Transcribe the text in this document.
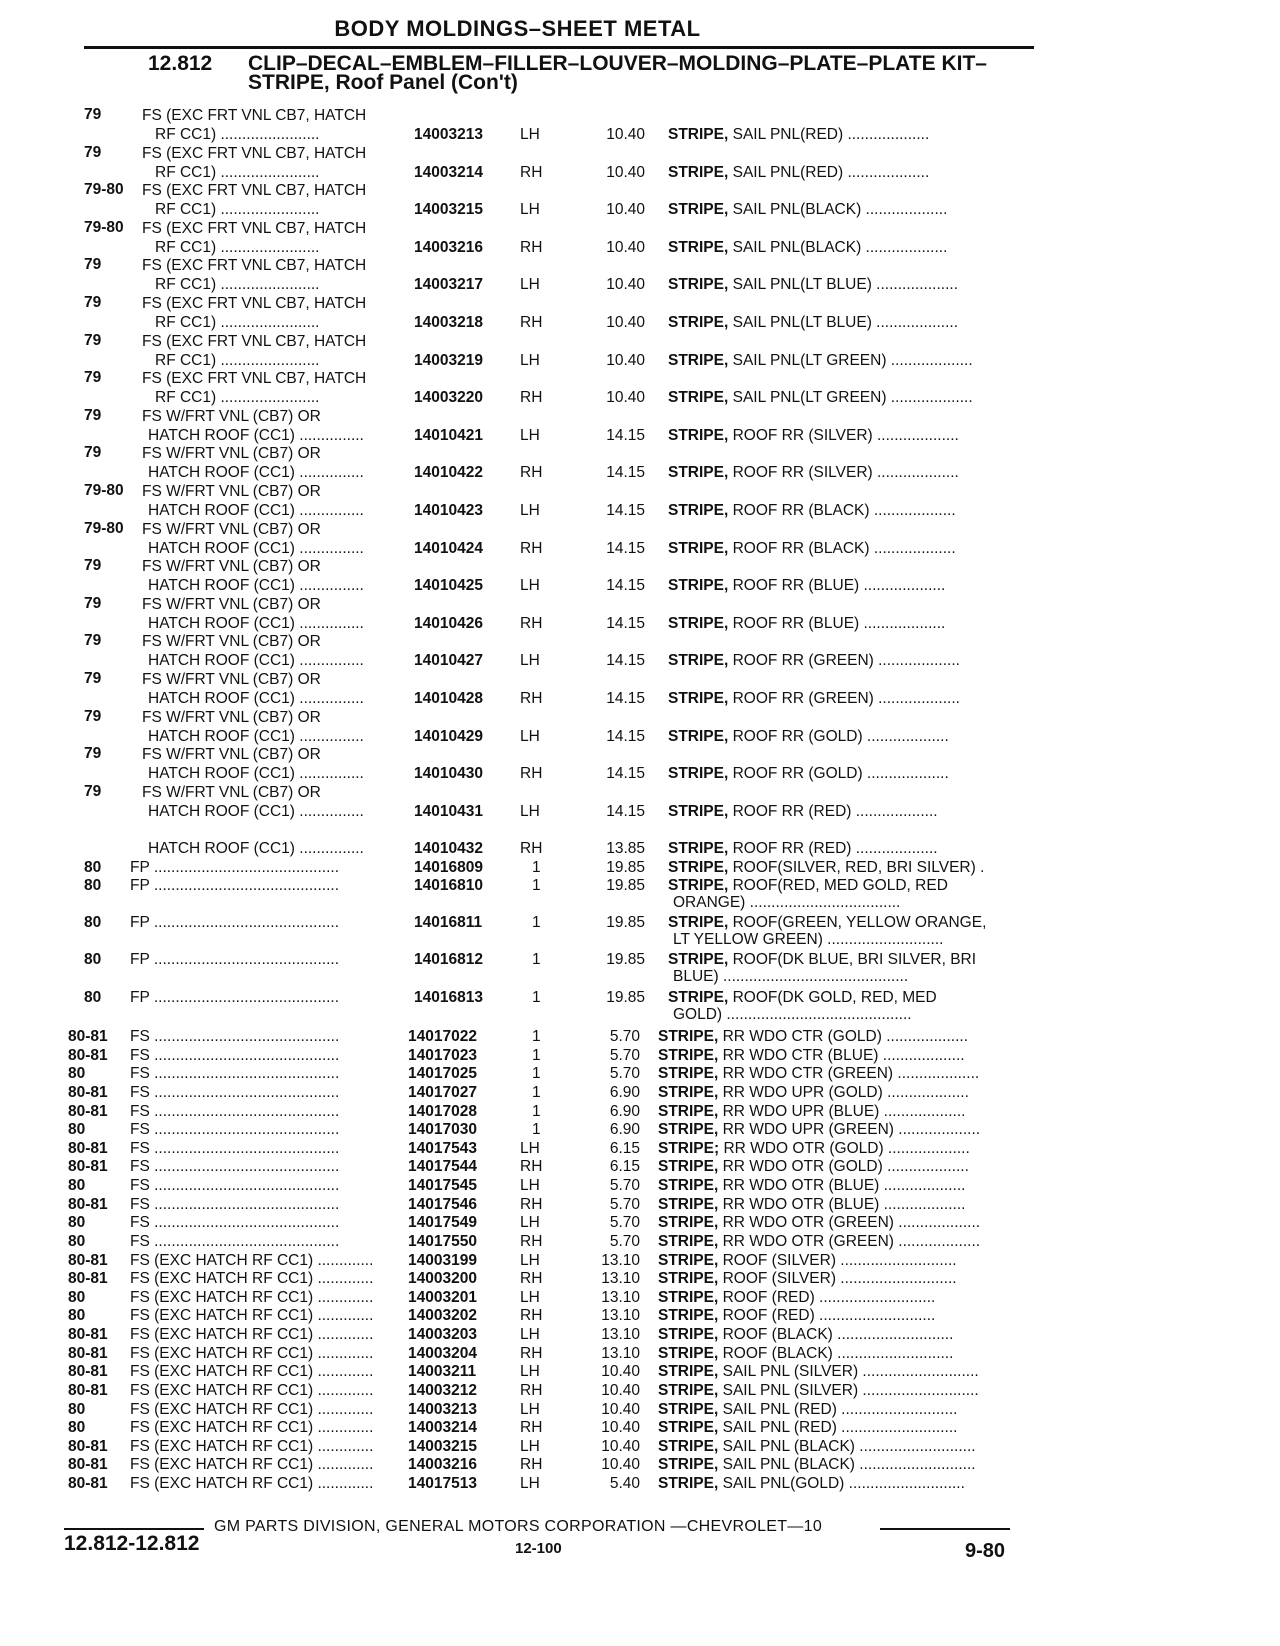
BODY MOLDINGS–SHEET METAL
12.812 CLIP–DECAL–EMBLEM–FILLER–LOUVER–MOLDING–PLATE–PLATE KIT–
STRIPE, Roof Panel (Con't)
79	FS (EXC FRT VNL CB7, HATCH
RF CC1) .......................	14003213 LH	10.40 STRIPE, SAIL PNL(RED) ...................
79	FS (EXC FRT VNL CB7, HATCH
RF CC1) .......................	14003214 RH	10.40 STRIPE, SAIL PNL(RED) ...................
79-80 FS (EXC FRT VNL CB7, HATCH
RF CC1) .......................	14003215 LH	10.40 STRIPE, SAIL PNL(BLACK) ...................
79-80 FS (EXC FRT VNL CB7, HATCH
RF CC1) .......................	14003216 RH	10.40 STRIPE, SAIL PNL(BLACK) ...................
79	FS (EXC FRT VNL CB7, HATCH
RF CC1) .......................	14003217 LH	10.40 STRIPE, SAIL PNL(LT BLUE) ...................
79	FS (EXC FRT VNL CB7, HATCH
RF CC1) .......................	14003218 RH	10.40 STRIPE, SAIL PNL(LT BLUE) ...................
79	FS (EXC FRT VNL CB7, HATCH
RF CC1) .......................	14003219 LH	10.40 STRIPE, SAIL PNL(LT GREEN) ...................
79	FS (EXC FRT VNL CB7, HATCH
RF CC1) .......................	14003220 RH	10.40 STRIPE, SAIL PNL(LT GREEN) ...................
79	FS W/FRT VNL (CB7) OR
HATCH ROOF (CC1) ...............	14010421 LH	14.15 STRIPE, ROOF RR (SILVER) ...................
79	FS W/FRT VNL (CB7) OR
HATCH ROOF (CC1) ...............	14010422 RH	14.15 STRIPE, ROOF RR (SILVER) ...................
79-80 FS W/FRT VNL (CB7) OR
HATCH ROOF (CC1) ...............	14010423 LH	14.15 STRIPE, ROOF RR (BLACK) ...................
79-80 FS W/FRT VNL (CB7) OR
HATCH ROOF (CC1) ...............	14010424 RH	14.15 STRIPE, ROOF RR (BLACK) ...................
79	FS W/FRT VNL (CB7) OR
HATCH ROOF (CC1) ...............	14010425 LH	14.15 STRIPE, ROOF RR (BLUE) ...................
79	FS W/FRT VNL (CB7) OR
HATCH ROOF (CC1) ...............	14010426 RH	14.15 STRIPE, ROOF RR (BLUE) ...................
79	FS W/FRT VNL (CB7) OR
HATCH ROOF (CC1) ...............	14010427 LH	14.15 STRIPE, ROOF RR (GREEN) ...................
79	FS W/FRT VNL (CB7) OR
HATCH ROOF (CC1) ...............	14010428 RH	14.15 STRIPE, ROOF RR (GREEN) ...................
79	FS W/FRT VNL (CB7) OR
HATCH ROOF (CC1) ...............	14010429 LH	14.15 STRIPE, ROOF RR (GOLD) ...................
79	FS W/FRT VNL (CB7) OR
HATCH ROOF (CC1) ...............	14010430 RH	14.15 STRIPE, ROOF RR (GOLD) ...................
79	FS W/FRT VNL (CB7) OR
HATCH ROOF (CC1) ...............	14010431 LH	14.15 STRIPE, ROOF RR (RED) ...................
HATCH ROOF (CC1) ...............	14010432 RH	13.85 STRIPE, ROOF RR (RED) ...................
80 FP ...........................................	14016809	1	19.85 STRIPE, ROOF(SILVER, RED, BRI SILVER) .
80 FP ...........................................	14016810	1	19.85 STRIPE, ROOF(RED, MED GOLD, RED
ORANGE) ...................................
80 FP ...........................................	14016811	1	19.85 STRIPE, ROOF(GREEN, YELLOW ORANGE,
LT YELLOW GREEN) ...........................
80 FP ...........................................	14016812	1	19.85 STRIPE, ROOF(DK BLUE, BRI SILVER, BRI
BLUE) ...........................................
80 FP ...........................................	14016813	1	19.85 STRIPE, ROOF(DK GOLD, RED, MED
GOLD) ...........................................
80-81 FS ...........................................	14017022	1	5.70 STRIPE, RR WDO CTR (GOLD) ...................
80-81 FS ...........................................	14017023	1	5.70 STRIPE, RR WDO CTR (BLUE) ...................
80	FS ...........................................	14017025	1	5.70 STRIPE, RR WDO CTR (GREEN) ...................
80-81 FS ...........................................	14017027	1	6.90 STRIPE, RR WDO UPR (GOLD) ...................
80-81 FS ...........................................	14017028	1	6.90 STRIPE, RR WDO UPR (BLUE) ...................
80	FS ...........................................	14017030	1	6.90 STRIPE, RR WDO UPR (GREEN) ...................
80-81 FS ...........................................	14017543	LH	6.15 STRIPE; RR WDO OTR (GOLD) ...................
80-81 FS ...........................................	14017544	RH	6.15 STRIPE, RR WDO OTR (GOLD) ...................
80	FS ...........................................	14017545	LH	5.70 STRIPE, RR WDO OTR (BLUE) ...................
80-81 FS ...........................................	14017546	RH	5.70 STRIPE, RR WDO OTR (BLUE) ...................
80	FS ...........................................	14017549	LH	5.70 STRIPE, RR WDO OTR (GREEN) ...................
80	FS ...........................................	14017550	RH	5.70 STRIPE, RR WDO OTR (GREEN) ...................
80-81 FS (EXC HATCH RF CC1) .............	14003199	LH	13.10 STRIPE, ROOF (SILVER) ...........................
80-81 FS (EXC HATCH RF CC1) .............	14003200	RH	13.10 STRIPE, ROOF (SILVER) ...........................
80	FS (EXC HATCH RF CC1) .............	14003201	LH	13.10 STRIPE, ROOF (RED) ...........................
80	FS (EXC HATCH RF CC1) .............	14003202	RH	13.10 STRIPE, ROOF (RED) ...........................
80-81 FS (EXC HATCH RF CC1) .............	14003203	LH	13.10 STRIPE, ROOF (BLACK) ...........................
80-81 FS (EXC HATCH RF CC1) .............	14003204	RH	13.10 STRIPE, ROOF (BLACK) ...........................
80-81 FS (EXC HATCH RF CC1) .............	14003211	LH	10.40 STRIPE, SAIL PNL (SILVER) ...........................
80-81 FS (EXC HATCH RF CC1) .............	14003212	RH	10.40 STRIPE, SAIL PNL (SILVER) ...........................
80	FS (EXC HATCH RF CC1) .............	14003213	LH	10.40 STRIPE, SAIL PNL (RED) ...........................
80	FS (EXC HATCH RF CC1) .............	14003214	RH	10.40 STRIPE, SAIL PNL (RED) ...........................
80-81 FS (EXC HATCH RF CC1) .............	14003215	LH	10.40 STRIPE, SAIL PNL (BLACK) ...........................
80-81 FS (EXC HATCH RF CC1) .............	14003216	RH	10.40 STRIPE, SAIL PNL (BLACK) ...........................
80-81 FS (EXC HATCH RF CC1) .............	14017513	LH	5.40 STRIPE, SAIL PNL(GOLD) ...........................
GM PARTS DIVISION, GENERAL MOTORS CORPORATION —CHEVROLET—10
12.812-12.812	12-100	9-80
